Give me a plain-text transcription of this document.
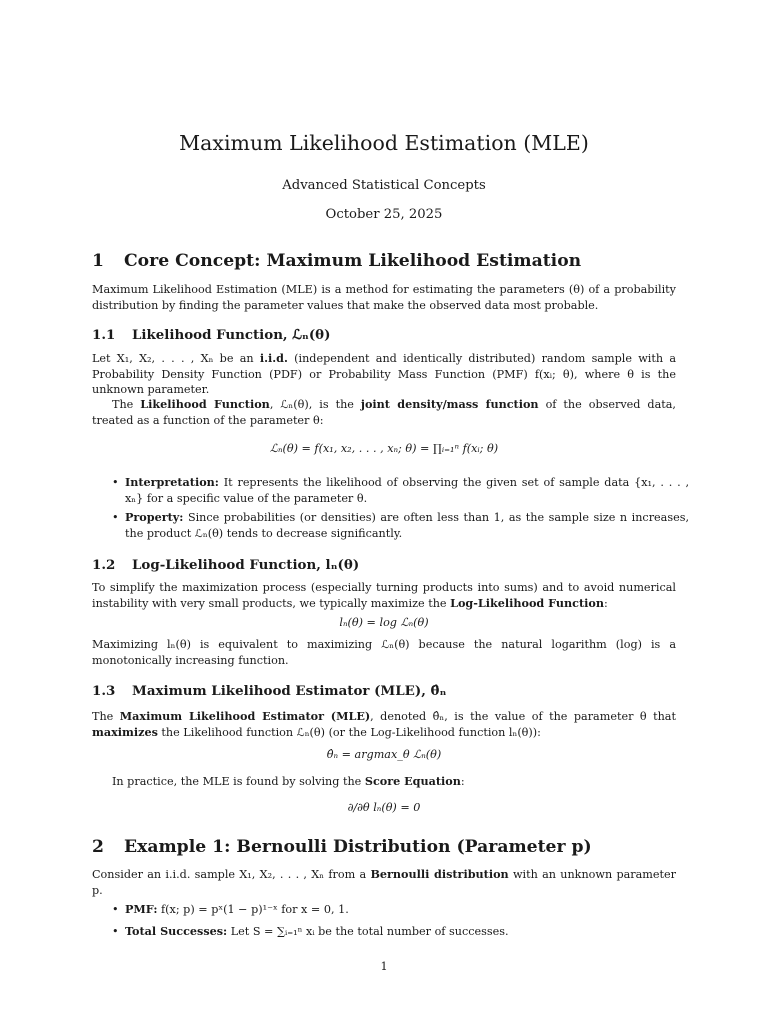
Maximum Likelihood Estimation (MLE)
Advanced Statistical Concepts
October 25, 2025
1 Core Concept: Maximum Likelihood Estimation
Maximum Likelihood Estimation (MLE) is a method for estimating the parameters (θ) of a probability distribution by finding the parameter values that make the observed data most probable.
1.1 Likelihood Function, ℒₙ(θ)
Let X₁, X₂, . . . , Xₙ be an i.i.d. (independent and identically distributed) random sample with a Probability Density Function (PDF) or Probability Mass Function (PMF) f(xᵢ; θ), where θ is the unknown parameter.
The Likelihood Function, ℒₙ(θ), is the joint density/mass function of the observed data, treated as a function of the parameter θ:
ℒₙ(θ) = f(x₁, x₂, . . . , xₙ; θ) = ∏ᵢ₌₁ⁿ f(xᵢ; θ)
• Interpretation: It represents the likelihood of observing the given set of sample data {x₁, . . . , xₙ} for a specific value of the parameter θ.
• Property: Since probabilities (or densities) are often less than 1, as the sample size n increases, the product ℒₙ(θ) tends to decrease significantly.
1.2 Log-Likelihood Function, lₙ(θ)
To simplify the maximization process (especially turning products into sums) and to avoid numerical instability with very small products, we typically maximize the Log-Likelihood Function:
lₙ(θ) = log ℒₙ(θ)
Maximizing lₙ(θ) is equivalent to maximizing ℒₙ(θ) because the natural logarithm (log) is a monotonically increasing function.
1.3 Maximum Likelihood Estimator (MLE), θ̂ₙ
The Maximum Likelihood Estimator (MLE), denoted θ̂ₙ, is the value of the parameter θ that maximizes the Likelihood function ℒₙ(θ) (or the Log-Likelihood function lₙ(θ)):
θ̂ₙ = argmax_θ ℒₙ(θ)
In practice, the MLE is found by solving the Score Equation:
∂/∂θ lₙ(θ) = 0
2 Example 1: Bernoulli Distribution (Parameter p)
Consider an i.i.d. sample X₁, X₂, . . . , Xₙ from a Bernoulli distribution with an unknown parameter p.
• PMF: f(x; p) = pˣ(1 − p)¹⁻ˣ for x = 0, 1.
• Total Successes: Let S = ∑ᵢ₌₁ⁿ xᵢ be the total number of successes.
1
